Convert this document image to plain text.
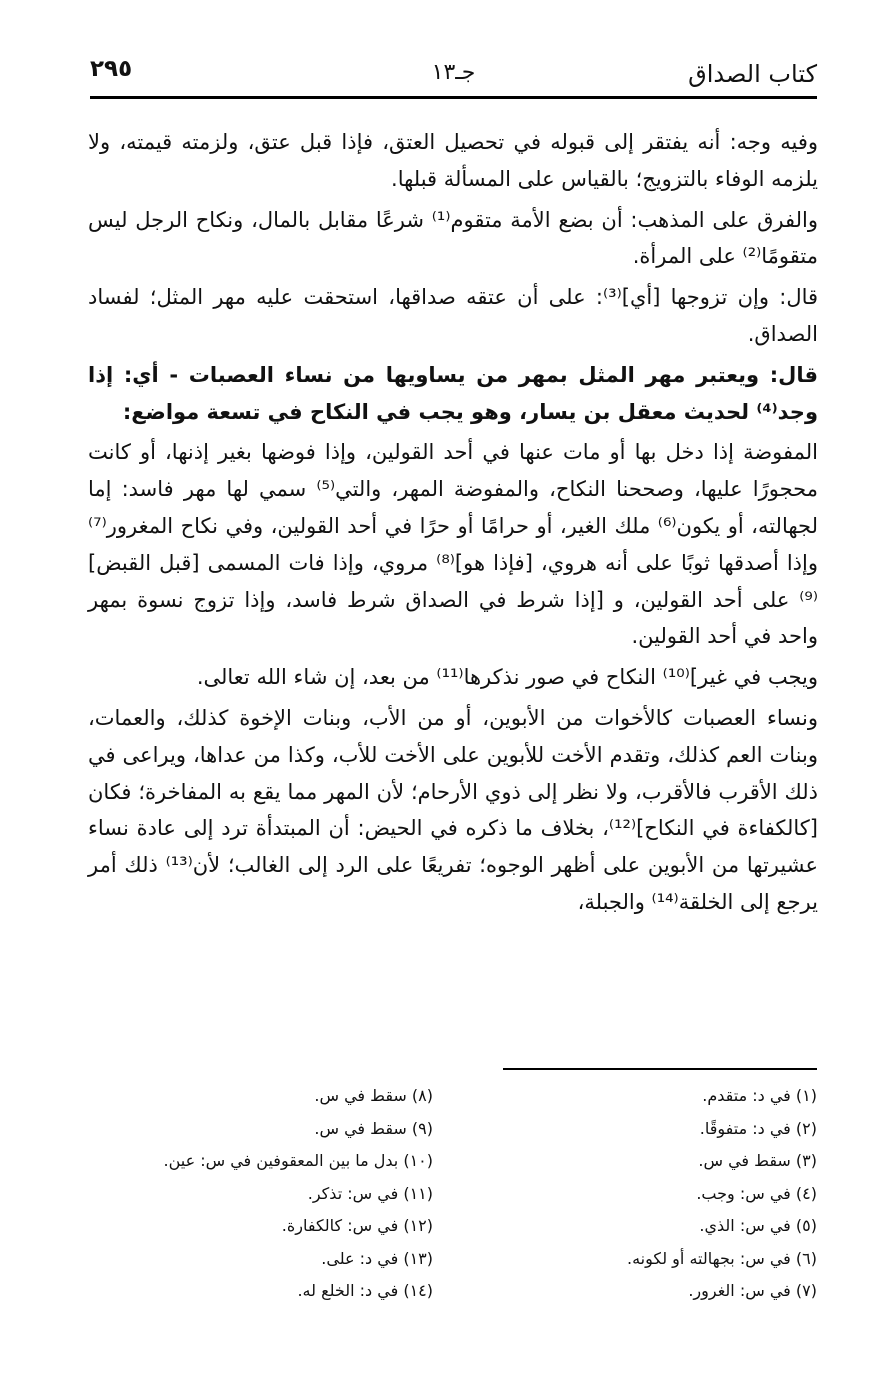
كتاب الصداق
جـ١٣
٢٩٥

وفيه وجه: أنه يفتقر إلى قبوله في تحصيل العتق، فإذا قبل عتق، ولزمته قيمته، ولا يلزمه الوفاء بالتزويج؛ بالقياس على المسألة قبلها.

والفرق على المذهب: أن بضع الأمة متقوم⁽¹⁾ شرعًا مقابل بالمال، ونكاح الرجل ليس متقومًا⁽²⁾ على المرأة.

قال: وإن تزوجها [أي]⁽³⁾: على أن عتقه صداقها، استحقت عليه مهر المثل؛ لفساد الصداق.

قال: ويعتبر مهر المثل بمهر من يساويها من نساء العصبات - أي: إذا وجد⁽⁴⁾ لحديث معقل بن يسار، وهو يجب في النكاح في تسعة مواضع:

المفوضة إذا دخل بها أو مات عنها في أحد القولين، وإذا فوضها بغير إذنها، أو كانت محجورًا عليها، وصححنا النكاح، والمفوضة المهر، والتي⁽⁵⁾ سمي لها مهر فاسد: إما لجهالته، أو يكون⁽⁶⁾ ملك الغير، أو حرامًا أو حرًا في أحد القولين، وفي نكاح المغرور⁽⁷⁾ وإذا أصدقها ثوبًا على أنه هروي، [فإذا هو]⁽⁸⁾ مروي، وإذا فات المسمى [قبل القبض]⁽⁹⁾ على أحد القولين، و [إذا شرط في الصداق شرط فاسد، وإذا تزوج نسوة بمهر واحد في أحد القولين.

ويجب في غير]⁽¹⁰⁾ النكاح في صور نذكرها⁽¹¹⁾ من بعد، إن شاء الله تعالى.

ونساء العصبات كالأخوات من الأبوين، أو من الأب، وبنات الإخوة كذلك، والعمات، وبنات العم كذلك، وتقدم الأخت للأبوين على الأخت للأب، وكذا من عداها، ويراعى في ذلك الأقرب فالأقرب، ولا نظر إلى ذوي الأرحام؛ لأن المهر مما يقع به المفاخرة؛ فكان [كالكفاءة في النكاح]⁽¹²⁾، بخلاف ما ذكره في الحيض: أن المبتدأة ترد إلى عادة نساء عشيرتها من الأبوين على أظهر الوجوه؛ تفريعًا على الرد إلى الغالب؛ لأن⁽¹³⁾ ذلك أمر يرجع إلى الخلقة⁽¹⁴⁾ والجبلة،

(١) في د: متقدم.
(٢) في د: متفوقًا.
(٣) سقط في س.
(٤) في س: وجب.
(٥) في س: الذي.
(٦) في س: بجهالته أو لكونه.
(٧) في س: الغرور.
(٨) سقط في س.
(٩) سقط في س.
(١٠) بدل ما بين المعقوفين في س: عين.
(١١) في س: تذكر.
(١٢) في س: كالكفارة.
(١٣) في د: على.
(١٤) في د: الخلع له.
